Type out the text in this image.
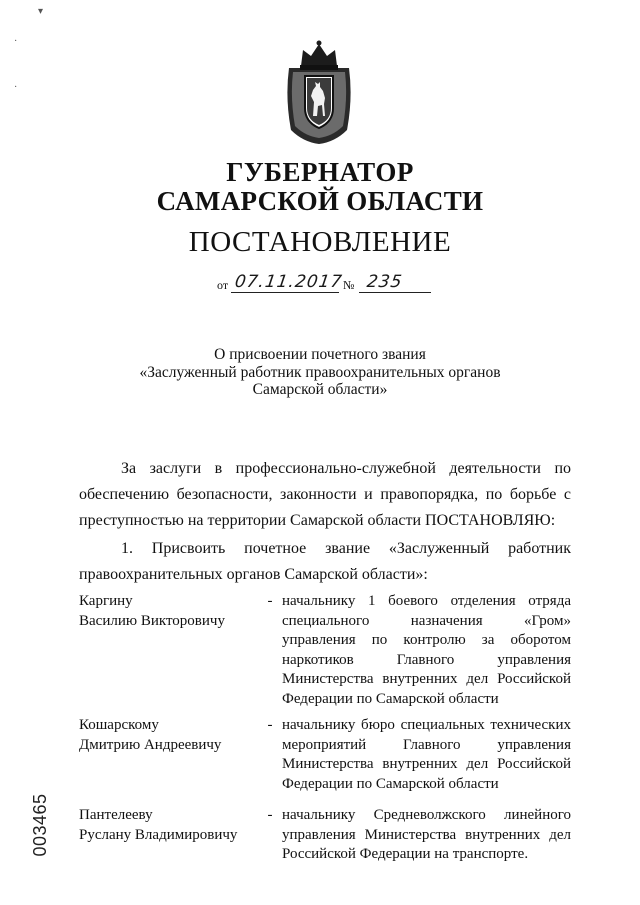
▾
·
·
ГУБЕРНАТОР
САМАРСКОЙ ОБЛАСТИ
ПОСТАНОВЛЕНИЕ
от 07.11.2017 № 235
О присвоении почетного звания
«Заслуженный работник правоохранительных органов
Самарской области»
За заслуги в профессионально-служебной деятельности по обеспечению безопасности, законности и правопорядка, по борьбе с преступностью на территории Самарской области ПОСТАНОВЛЯЮ:
1. Присвоить почетное звание «Заслуженный работник правоохранительных органов Самарской области»:
Каргину
Василию Викторовичу
- начальнику 1 боевого отделения отряда специального назначения «Гром» управления по контролю за оборотом наркотиков Главного управления Министерства внутренних дел Российской Федерации по Самарской области
Кошарскому
Дмитрию Андреевичу
- начальнику бюро специальных технических мероприятий Главного управления Министерства внутренних дел Российской Федерации по Самарской области
Пантелееву
Руслану Владимировичу
- начальнику Средневолжского линейного управления Министерства внутренних дел Российской Федерации на транспорте.
003465
